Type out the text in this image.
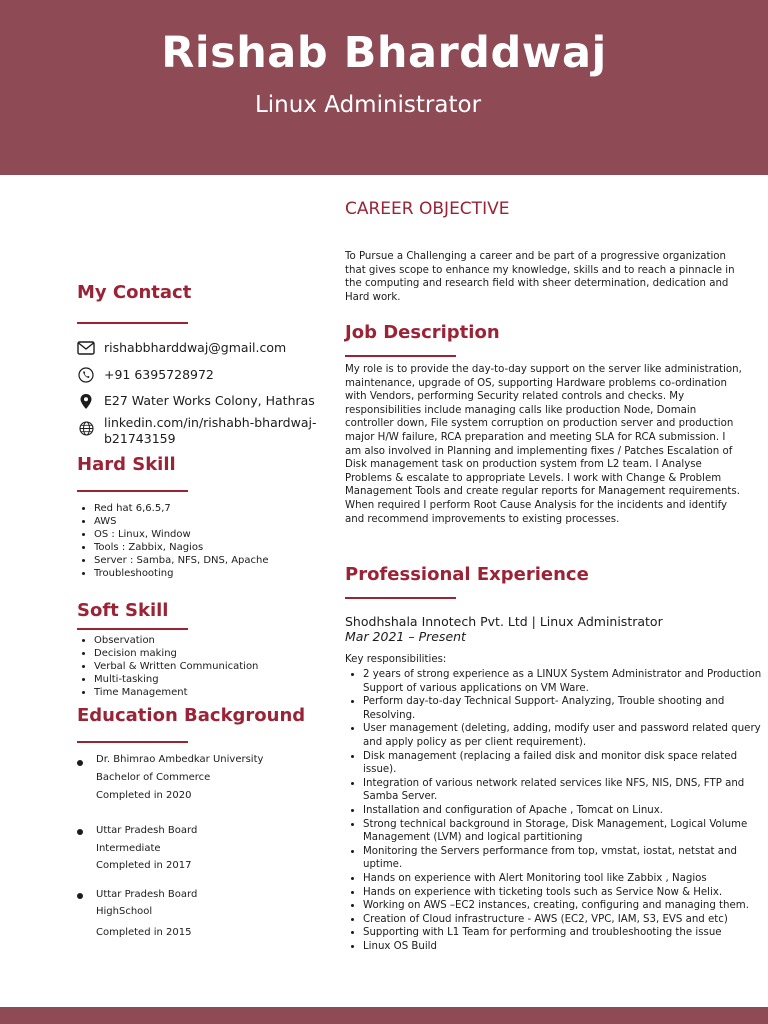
Rishab Bharddwaj
Linux Administrator
My Contact
rishabbharddwaj@gmail.com
+91 6395728972
E27 Water Works Colony, Hathras
linkedin.com/in/rishabh-bhardwaj-b21743159
Hard Skill
• Red hat 6,6.5,7
• AWS
• OS : Linux, Window
• Tools : Zabbix, Nagios
• Server : Samba, NFS, DNS, Apache
• Troubleshooting
Soft Skill
• Observation
• Decision making
• Verbal & Written Communication
• Multi-tasking
• Time Management
Education Background
Dr. Bhimrao Ambedkar University
Bachelor of Commerce
Completed in 2020
Uttar Pradesh Board
Intermediate
Completed in 2017
Uttar Pradesh Board
HighSchool
Completed in 2015
CAREER OBJECTIVE

To Pursue a Challenging a career and be part of a progressive organization that gives scope to enhance my knowledge, skills and to reach a pinnacle in the computing and research field with sheer determination, dedication and Hard work.

Job Description

My role is to provide the day-to-day support on the server like administration, maintenance, upgrade of OS, supporting Hardware problems co-ordination with Vendors, performing Security related controls and checks. My responsibilities include managing calls like production Node, Domain controller down, File system corruption on production server and production major H/W failure, RCA preparation and meeting SLA for RCA submission. I am also involved in Planning and implementing fixes / Patches Escalation of Disk management task on production system from L2 team. I Analyse Problems & escalate to appropriate Levels. I work with Change & Problem Management Tools and create regular reports for Management requirements. When required I perform Root Cause Analysis for the incidents and identify and recommend improvements to existing processes.

Professional Experience
Shodhshala Innotech Pvt. Ltd | Linux Administrator
Mar 2021 – Present
Key responsibilities:
• 2 years of strong experience as a LINUX System Administrator and Production Support of various applications on VM Ware.
• Perform day-to-day Technical Support- Analyzing, Trouble shooting and Resolving.
• User management (deleting, adding, modify user and password related query and apply policy as per client requirement).
• Disk management (replacing a failed disk and monitor disk space related issue).
• Integration of various network related services like NFS, NIS, DNS, FTP and Samba Server.
• Installation and configuration of Apache , Tomcat on Linux.
• Strong technical background in Storage, Disk Management, Logical Volume Management (LVM) and logical partitioning
• Monitoring the Servers performance from top, vmstat, iostat, netstat and uptime.
• Hands on experience with Alert Monitoring tool like Zabbix , Nagios
• Hands on experience with ticketing tools such as Service Now & Helix.
• Working on AWS –EC2 instances, creating, configuring and managing them.
• Creation of Cloud infrastructure - AWS (EC2, VPC, IAM, S3, EVS and etc)
• Supporting with L1 Team for performing and troubleshooting the issue
• Linux OS Build
